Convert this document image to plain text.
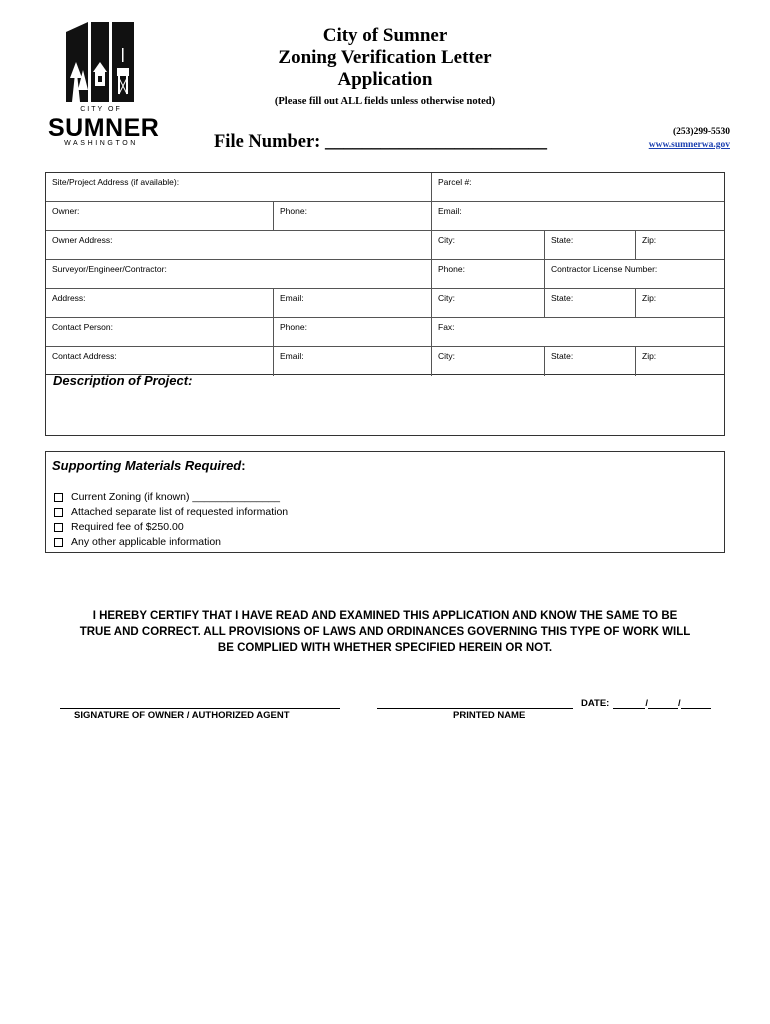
CITY OF
SUMNER
WASHINGTON
City of Sumner
Zoning Verification Letter
Application
(Please fill out ALL fields unless otherwise noted)
File Number: ________________________	(253)299-5530
www.sumnerwa.gov
Site/Project Address (if available):	Parcel #:
Owner:	Phone:	Email:
Owner Address:	City:	State:	Zip:
Surveyor/Engineer/Contractor:	Phone:	Contractor License Number:
Address:	Email:	City:	State:	Zip:
Contact Person:	Phone:	Fax:
Contact Address:	Email:	City:	State:	Zip:
Description of Project:
Supporting Materials Required:
Current Zoning (if known) _______________
Attached separate list of requested information
Required fee of $250.00
Any other applicable information
I HEREBY CERTIFY THAT I HAVE READ AND EXAMINED THIS APPLICATION AND KNOW THE SAME TO BE
TRUE AND CORRECT. ALL PROVISIONS OF LAWS AND ORDINANCES GOVERNING THIS TYPE OF WORK WILL
BE COMPLIED WITH WHETHER SPECIFIED HEREIN OR NOT.
SIGNATURE OF OWNER / AUTHORIZED AGENT	PRINTED NAME
DATE:	/	/
